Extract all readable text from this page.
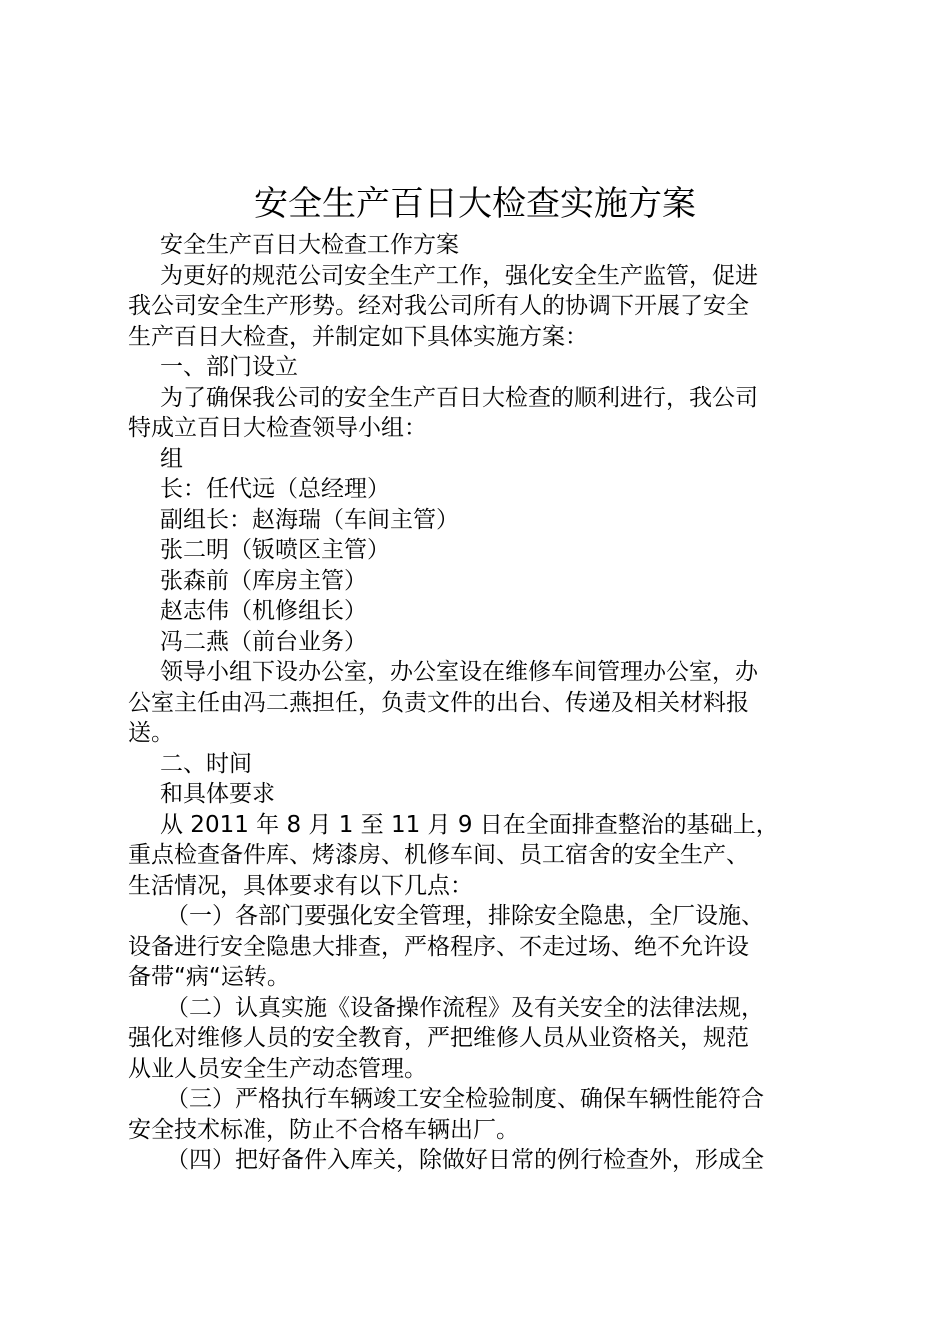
安全生产百日大检查实施方案
安全生产百日大检查工作方案
为更好的规范公司安全生产工作，强化安全生产监管，促进
我公司安全生产形势。经对我公司所有人的协调下开展了安全
生产百日大检查，并制定如下具体实施方案：
一、部门设立
为了确保我公司的安全生产百日大检查的顺利进行，我公司
特成立百日大检查领导小组：
组
长：任代远（总经理）
副组长：赵海瑞（车间主管）
张二明（钣喷区主管）
张森前（库房主管）
赵志伟（机修组长）
冯二燕（前台业务）
领导小组下设办公室，办公室设在维修车间管理办公室，办
公室主任由冯二燕担任，负责文件的出台、传递及相关材料报
送。
二、时间
和具体要求
从 2011 年 8 月 1 至 11 月 9 日在全面排查整治的基础上，
重点检查备件库、烤漆房、机修车间、员工宿舍的安全生产、
生活情况，具体要求有以下几点：
（一）各部门要强化安全管理，排除安全隐患，全厂设施、
设备进行安全隐患大排查，严格程序、不走过场、绝不允许设
备带“病“运转。
（二）认真实施《设备操作流程》及有关安全的法律法规，
强化对维修人员的安全教育，严把维修人员从业资格关，规范
从业人员安全生产动态管理。
（三）严格执行车辆竣工安全检验制度、确保车辆性能符合
安全技术标准，防止不合格车辆出厂。
（四）把好备件入库关，除做好日常的例行检查外，形成全
